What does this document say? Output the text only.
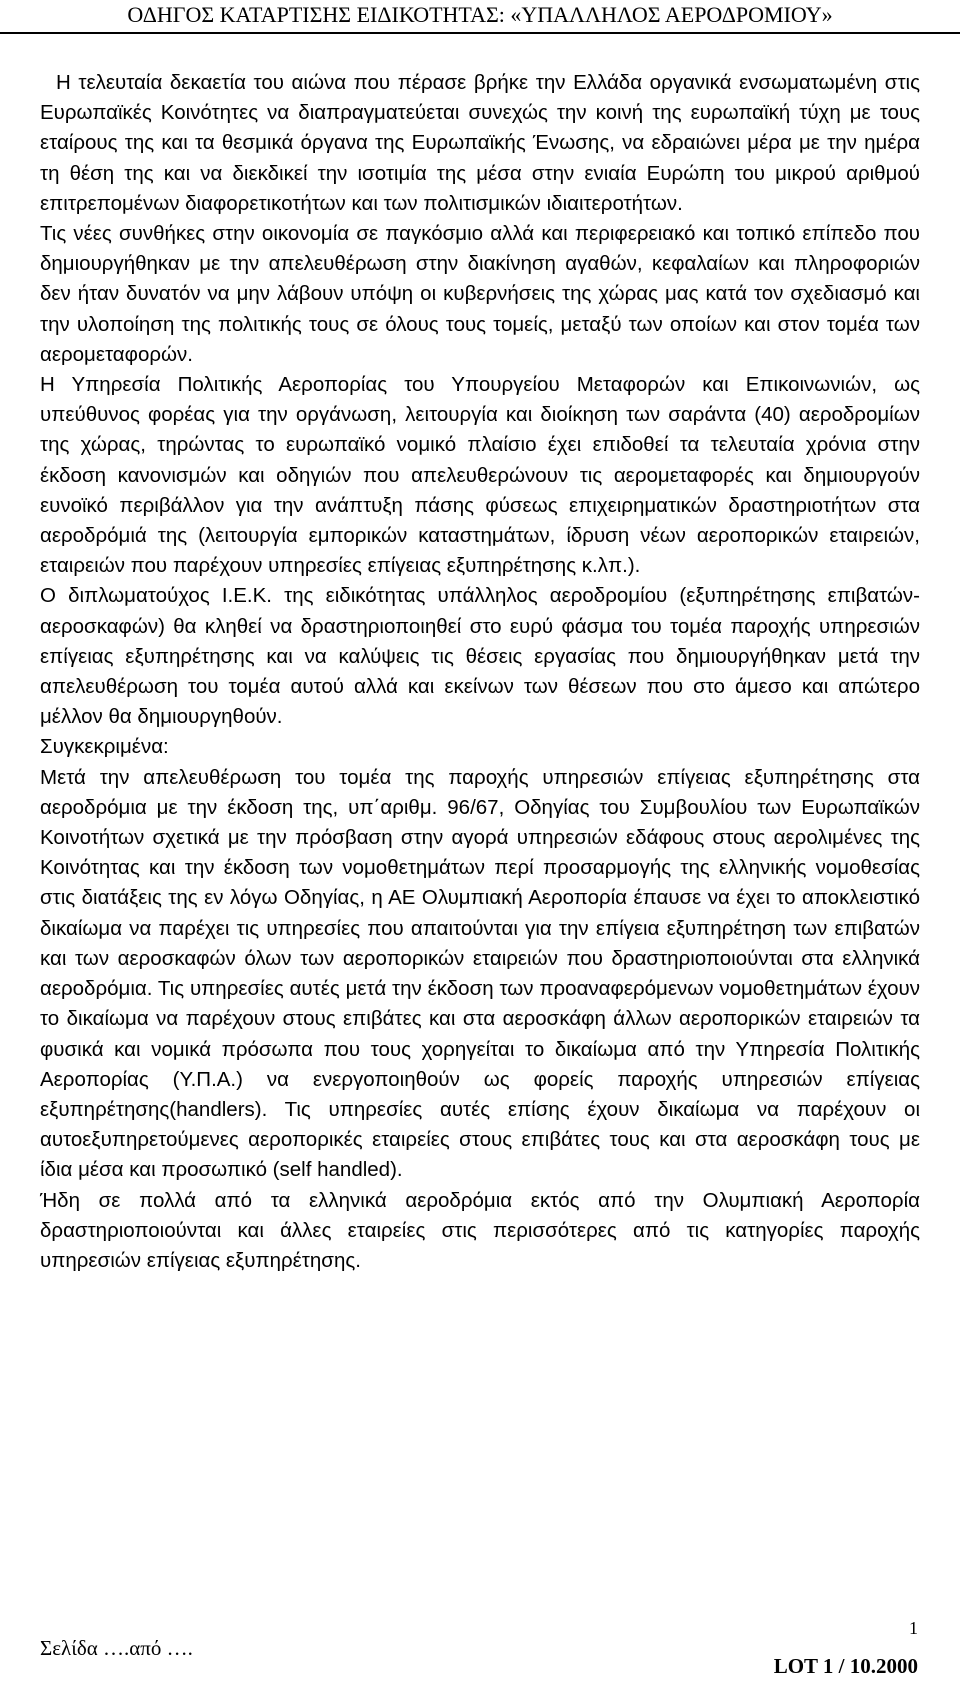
ΟΔΗΓΟΣ ΚΑΤΑΡΤΙΣΗΣ ΕΙΔΙΚΟΤΗΤΑΣ: «ΥΠΑΛΛΗΛΟΣ ΑΕΡΟΔΡΟΜΙΟΥ»

Η τελευταία δεκαετία του αιώνα που πέρασε βρήκε την Ελλάδα οργανικά ενσωματωμένη στις Ευρωπαϊκές Κοινότητες να διαπραγματεύεται συνεχώς την κοινή της ευρωπαϊκή τύχη με τους εταίρους της και τα θεσμικά όργανα της Ευρωπαϊκής Ένωσης, να εδραιώνει μέρα με την ημέρα τη θέση της και να διεκδικεί την ισοτιμία της μέσα στην ενιαία Ευρώπη του μικρού αριθμού επιτρεπομένων διαφορετικοτήτων και των πολιτισμικών ιδιαιτεροτήτων.

Τις νέες συνθήκες στην οικονομία σε παγκόσμιο αλλά και περιφερειακό και τοπικό επίπεδο που δημιουργήθηκαν με την απελευθέρωση στην διακίνηση αγαθών, κεφαλαίων και πληροφοριών δεν ήταν δυνατόν να μην λάβουν υπόψη οι κυβερνήσεις της χώρας μας κατά τον σχεδιασμό και την υλοποίηση της πολιτικής τους σε όλους τους τομείς, μεταξύ των οποίων και στον τομέα των αερομεταφορών.

Η Υπηρεσία Πολιτικής Αεροπορίας του Υπουργείου Μεταφορών και Επικοινωνιών, ως υπεύθυνος φορέας για την οργάνωση, λειτουργία και διοίκηση των σαράντα (40) αεροδρομίων της χώρας, τηρώντας το ευρωπαϊκό νομικό πλαίσιο έχει επιδοθεί τα τελευταία χρόνια στην έκδοση κανονισμών και οδηγιών που απελευθερώνουν τις αερομεταφορές και δημιουργούν ευνοϊκό περιβάλλον για την ανάπτυξη πάσης φύσεως επιχειρηματικών δραστηριοτήτων στα αεροδρόμιά της (λειτουργία εμπορικών καταστημάτων, ίδρυση νέων αεροπορικών εταιρειών, εταιρειών που παρέχουν υπηρεσίες επίγειας εξυπηρέτησης κ.λπ.).

Ο διπλωματούχος Ι.Ε.Κ. της ειδικότητας υπάλληλος αεροδρομίου (εξυπηρέτησης επιβατών-αεροσκαφών) θα κληθεί να δραστηριοποιηθεί στο ευρύ φάσμα του τομέα παροχής υπηρεσιών επίγειας εξυπηρέτησης και να καλύψεις τις θέσεις εργασίας που δημιουργήθηκαν μετά την απελευθέρωση του τομέα αυτού αλλά και εκείνων των θέσεων που στο άμεσο και απώτερο μέλλον θα δημιουργηθούν.

Συγκεκριμένα:

Μετά την απελευθέρωση του τομέα της παροχής υπηρεσιών επίγειας εξυπηρέτησης στα αεροδρόμια με την έκδοση της, υπ΄αριθμ. 96/67, Οδηγίας του Συμβουλίου των Ευρωπαϊκών Κοινοτήτων σχετικά με την πρόσβαση στην αγορά υπηρεσιών εδάφους στους αερολιμένες της Κοινότητας και την έκδοση των νομοθετημάτων περί προσαρμογής της ελληνικής νομοθεσίας στις διατάξεις της εν λόγω Οδηγίας, η ΑΕ Ολυμπιακή Αεροπορία έπαυσε να έχει το αποκλειστικό δικαίωμα να παρέχει τις υπηρεσίες που απαιτούνται για την επίγεια εξυπηρέτηση των επιβατών και των αεροσκαφών όλων των αεροπορικών εταιρειών που δραστηριοποιούνται στα ελληνικά αεροδρόμια. Τις υπηρεσίες αυτές μετά την έκδοση των προαναφερόμενων νομοθετημάτων έχουν το δικαίωμα να παρέχουν στους επιβάτες και στα αεροσκάφη άλλων αεροπορικών εταιρειών τα φυσικά και νομικά πρόσωπα που τους χορηγείται το δικαίωμα από την Υπηρεσία Πολιτικής Αεροπορίας (Υ.Π.Α.) να ενεργοποιηθούν ως φορείς παροχής υπηρεσιών επίγειας εξυπηρέτησης(handlers). Τις υπηρεσίες αυτές επίσης έχουν δικαίωμα να παρέχουν οι αυτοεξυπηρετούμενες αεροπορικές εταιρείες στους επιβάτες τους και στα αεροσκάφη τους με ίδια μέσα και προσωπικό (self handled).

Ήδη σε πολλά από τα ελληνικά αεροδρόμια εκτός από την Ολυμπιακή Αεροπορία δραστηριοποιούνται και άλλες εταιρείες στις περισσότερες από τις κατηγορίες παροχής υπηρεσιών επίγειας εξυπηρέτησης.

1
Σελίδα ….από ….
LOT 1 / 10.2000
